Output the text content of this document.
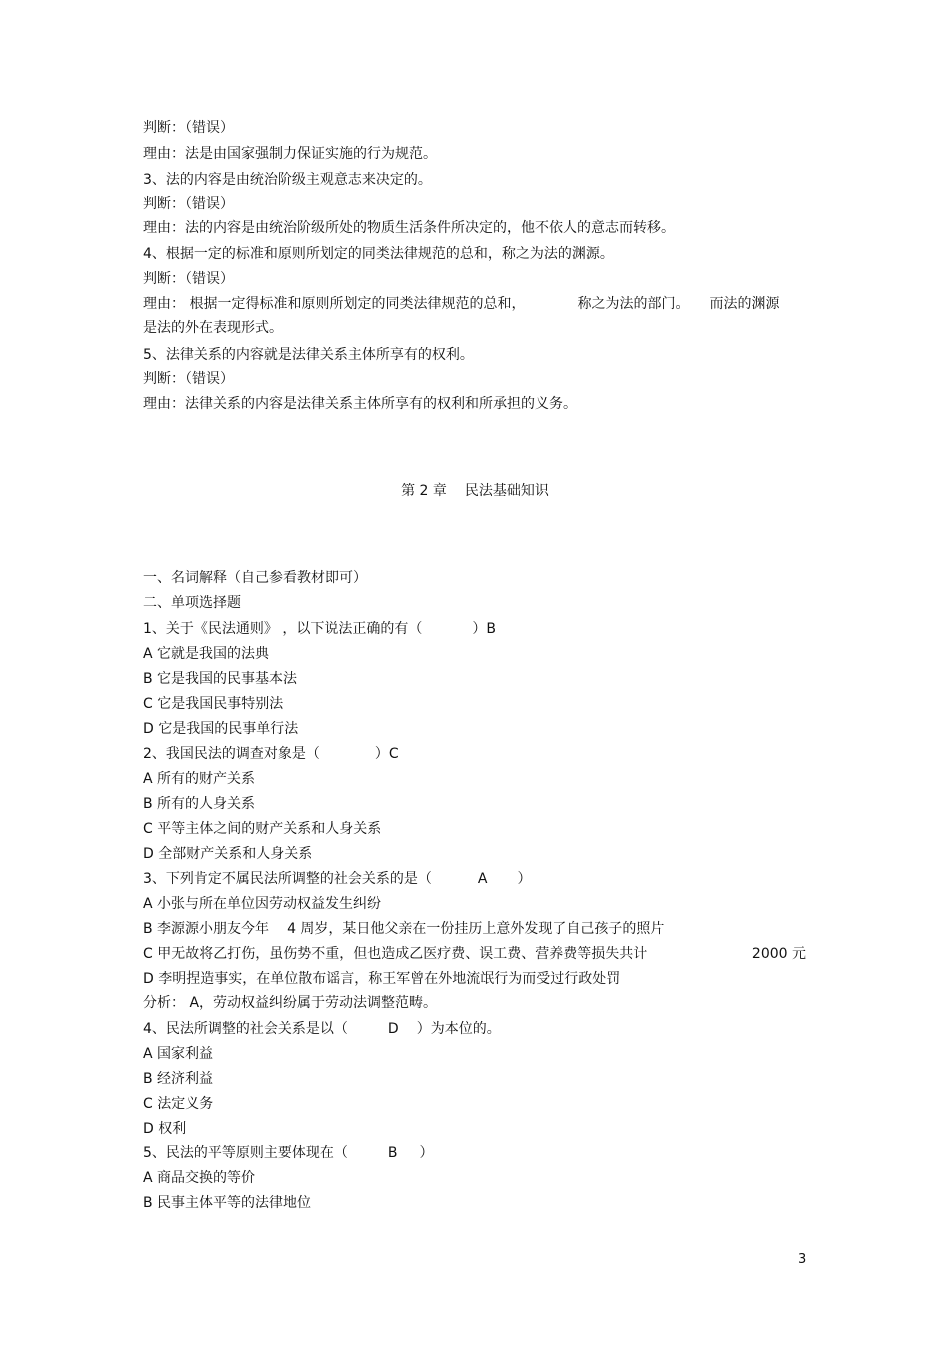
判断：（错误）
理由：法是由国家强制力保证实施的行为规范。
3、法的内容是由统治阶级主观意志来决定的。
判断：（错误）
理由：法的内容是由统治阶级所处的物质生活条件所决定的，他不依人的意志而转移。
4、根据一定的标准和原则所划定的同类法律规范的总和，称之为法的渊源。
判断：（错误）
理由： 根据一定得标准和原则所划定的同类法律规范的总和，	称之为法的部门。 而法的渊源
是法的外在表现形式。
5、法律关系的内容就是法律关系主体所享有的权利。
判断：（错误）
理由：法律关系的内容是法律关系主体所享有的权利和所承担的义务。
第 2 章 民法基础知识
一、名词解释（自己参看教材即可）
二、单项选择题
1、关于《民法通则》 ，以下说法正确的有（	）B
A 它就是我国的法典
B 它是我国的民事基本法
C 它是我国民事特别法
D 它是我国的民事单行法
2、我国民法的调查对象是（	）C
A 所有的财产关系
B 所有的人身关系
C 平等主体之间的财产关系和人身关系
D 全部财产关系和人身关系
3、下列肯定不属民法所调整的社会关系的是（	A ）
A 小张与所在单位因劳动权益发生纠纷
B 李源源小朋友今年 4 周岁，某日他父亲在一份挂历上意外发现了自己孩子的照片
C 甲无故将乙打伤，虽伤势不重，但也造成乙医疗费、误工费、营养费等损失共计	2000 元
D 李明捏造事实，在单位散布谣言，称王军曾在外地流氓行为而受过行政处罚
分析： A，劳动权益纠纷属于劳动法调整范畴。
4、民法所调整的社会关系是以（	D ）为本位的。
A 国家利益
B 经济利益
C 法定义务
D 权利
5、民法的平等原则主要体现在（	B ）
A 商品交换的等价
B 民事主体平等的法律地位
3
